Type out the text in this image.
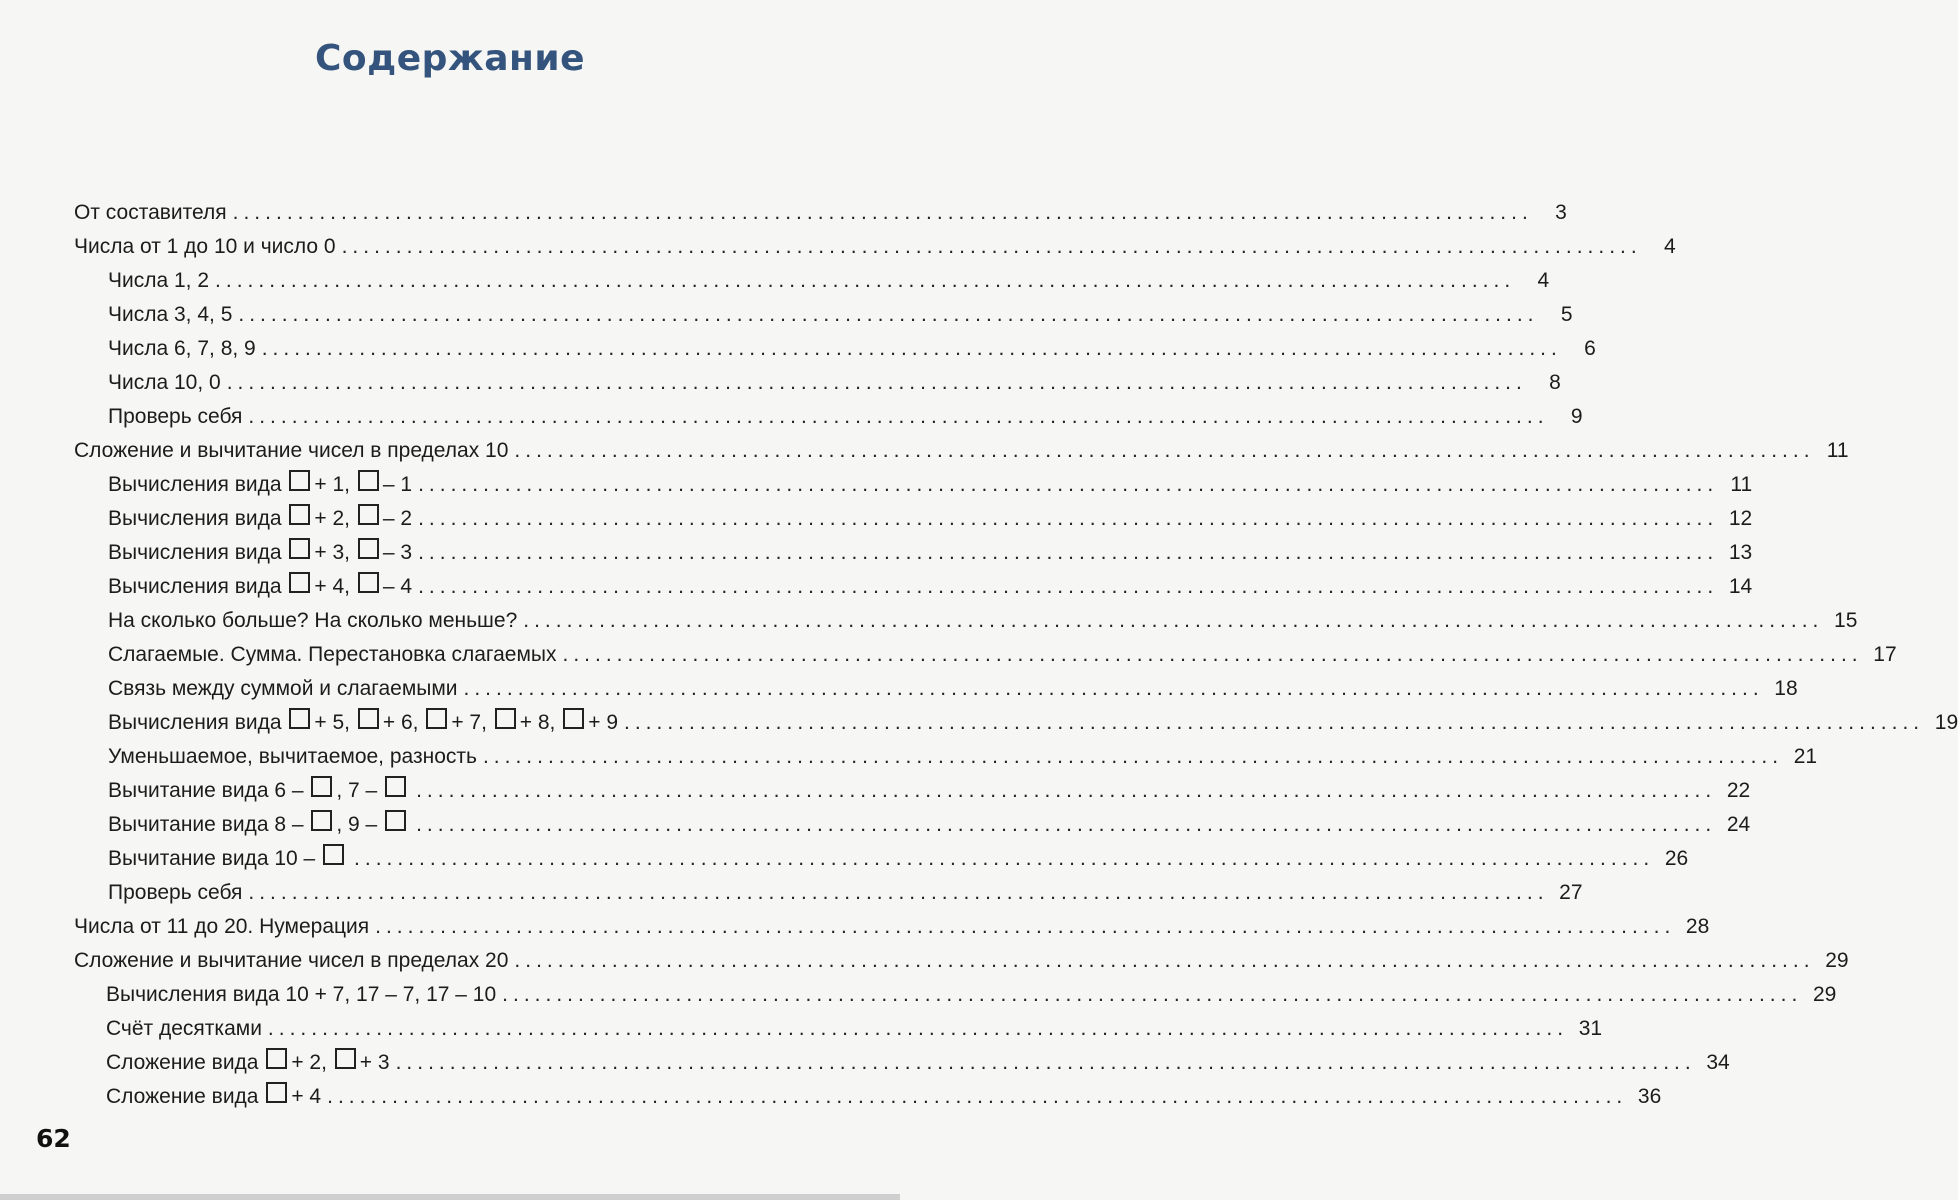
Содержание
От составителя ........................................................................................................................	3
Числа от 1 до 10 и число 0 ........................................................................................................................	4
Числа 1, 2 ........................................................................................................................	4
Числа 3, 4, 5 ........................................................................................................................	5
Числа 6, 7, 8, 9 ........................................................................................................................	6
Числа 10, 0 ........................................................................................................................	8
Проверь себя ........................................................................................................................	9
Сложение и вычитание чисел в пределах 10 ........................................................................................................................ 11
Вычисления вида + 1, – 1 ........................................................................................................................ 11
Вычисления вида + 2, – 2 ........................................................................................................................ 12
Вычисления вида + 3, – 3 ........................................................................................................................ 13
Вычисления вида + 4, – 4 ........................................................................................................................ 14
На сколько больше? На сколько меньше? ........................................................................................................................ 15
Слагаемые. Сумма. Перестановка слагаемых ........................................................................................................................ 17
Связь между суммой и слагаемыми ........................................................................................................................ 18
Вычисления вида + 5, + 6, + 7, + 8, + 9 ........................................................................................................................ 19
Уменьшаемое, вычитаемое, разность ........................................................................................................................ 21
Вычитание вида 6 – , 7 – ........................................................................................................................ 22
Вычитание вида 8 – , 9 – ........................................................................................................................ 24
Вычитание вида 10 – ........................................................................................................................ 26
Проверь себя ........................................................................................................................ 27
Числа от 11 до 20. Нумерация ........................................................................................................................ 28
Сложение и вычитание чисел в пределах 20 ........................................................................................................................ 29
Вычисления вида 10 + 7, 17 – 7, 17 – 10 ........................................................................................................................ 29
Счёт десятками ........................................................................................................................ 31
Сложение вида + 2, + 3 ........................................................................................................................ 34
Сложение вида + 4 ........................................................................................................................ 36
62
